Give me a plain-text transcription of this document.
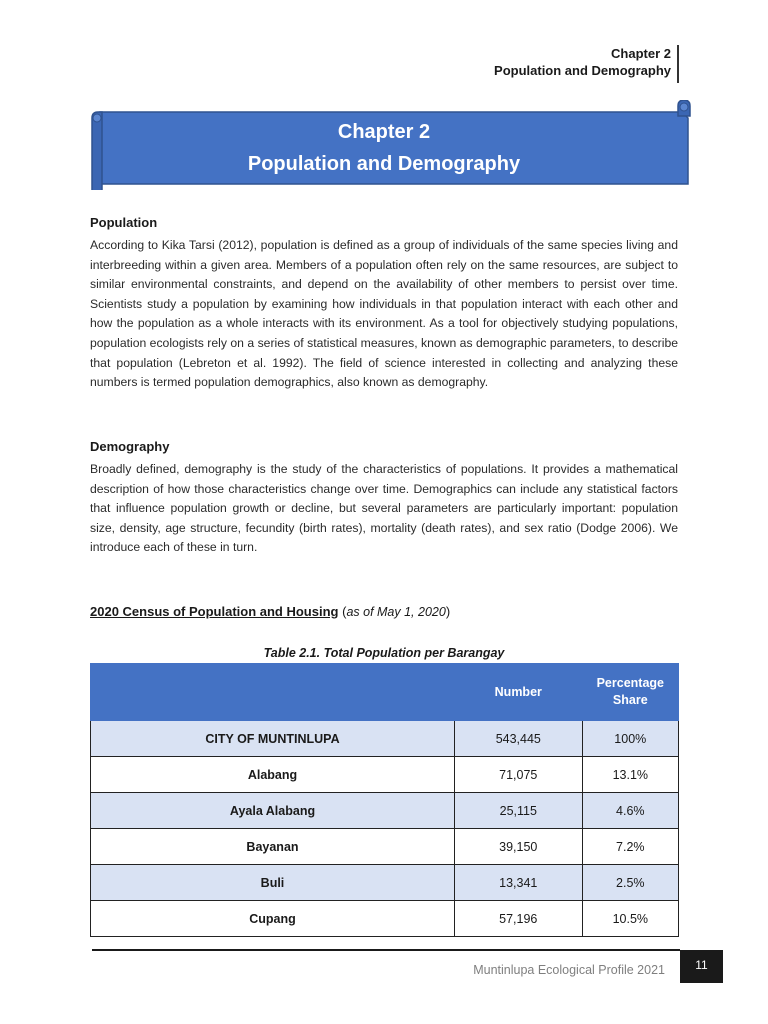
Chapter 2
Population and Demography
Chapter 2
Population and Demography
Population
According to Kika Tarsi (2012), population is defined as a group of individuals of the same species living and interbreeding within a given area. Members of a population often rely on the same resources, are subject to similar environmental constraints, and depend on the availability of other members to persist over time. Scientists study a population by examining how individuals in that population interact with each other and how the population as a whole interacts with its environment. As a tool for objectively studying populations, population ecologists rely on a series of statistical measures, known as demographic parameters, to describe that population (Lebreton et al. 1992). The field of science interested in collecting and analyzing these numbers is termed population demographics, also known as demography.
Demography
Broadly defined, demography is the study of the characteristics of populations. It provides a mathematical description of how those characteristics change over time. Demographics can include any statistical factors that influence population growth or decline, but several parameters are particularly important: population size, density, age structure, fecundity (birth rates), mortality (death rates), and sex ratio (Dodge 2006). We introduce each of these in turn.
2020 Census of Population and Housing (as of May 1, 2020)
Table 2.1. Total Population per Barangay
	Number	Percentage Share
CITY OF MUNTINLUPA	543,445	100%
Alabang	71,075	13.1%
Ayala Alabang	25,115	4.6%
Bayanan	39,150	7.2%
Buli	13,341	2.5%
Cupang	57,196	10.5%
Muntinlupa Ecological Profile 2021	11
